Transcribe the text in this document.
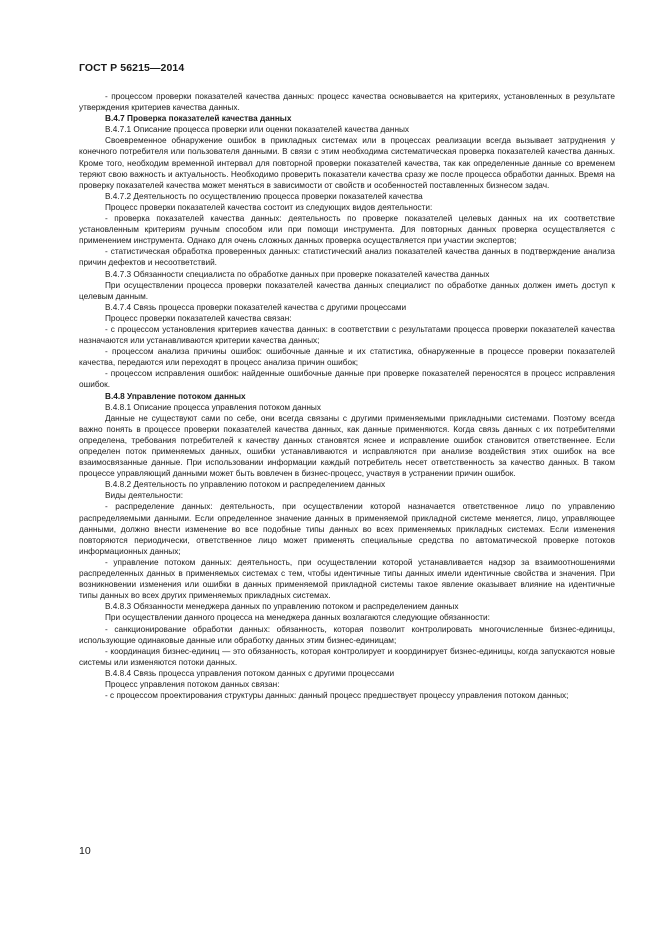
ГОСТ Р 56215—2014

- процессом проверки показателей качества данных: процесс качества основывается на критериях, установленных в результате утверждения критериев качества данных.

В.4.7 Проверка показателей качества данных

В.4.7.1 Описание процесса проверки или оценки показателей качества данных

Своевременное обнаружение ошибок в прикладных системах или в процессах реализации всегда вызывает затруднения у конечного потребителя или пользователя данными. В связи с этим необходима систематическая проверка показателей качества данных. Кроме того, необходим временной интервал для повторной проверки показателей качества, так как определенные данные со временем теряют свою важность и актуальность. Необходимо проверить показатели качества сразу же после процесса обработки данных. Время на проверку показателей качества может меняться в зависимости от свойств и особенностей поставленных бизнесом задач.

В.4.7.2 Деятельность по осуществлению процесса проверки показателей качества

Процесс проверки показателей качества состоит из следующих видов деятельности:

- проверка показателей качества данных: деятельность по проверке показателей целевых данных на их соответствие установленным критериям ручным способом или при помощи инструмента. Для повторных данных проверка осуществляется с применением инструмента. Однако для очень сложных данных проверка осуществляется при участии экспертов;

- статистическая обработка проверенных данных: статистический анализ показателей качества данных в подтверждение анализа причин дефектов и несоответствий.

В.4.7.3 Обязанности специалиста по обработке данных при проверке показателей качества данных

При осуществлении процесса проверки показателей качества данных специалист по обработке данных должен иметь доступ к целевым данным.

В.4.7.4 Связь процесса проверки показателей качества с другими процессами

Процесс проверки показателей качества связан:

- с процессом установления критериев качества данных: в соответствии с результатами процесса проверки показателей качества назначаются или устанавливаются критерии качества данных;

- процессом анализа причины ошибок: ошибочные данные и их статистика, обнаруженные в процессе проверки показателей качества, передаются или переходят в процесс анализа причин ошибок;

- процессом исправления ошибок: найденные ошибочные данные при проверке показателей переносятся в процесс исправления ошибок.

В.4.8 Управление потоком данных

В.4.8.1 Описание процесса управления потоком данных

Данные не существуют сами по себе, они всегда связаны с другими применяемыми прикладными системами. Поэтому всегда важно понять в процессе проверки показателей качества данных, как данные применяются. Когда связь данных с их потребителями определена, требования потребителей к качеству данных становятся яснее и исправление ошибок становится ответственнее. Если определен поток применяемых данных, ошибки устанавливаются и исправляются при анализе воздействия этих ошибок на все взаимосвязанные данные. При использовании информации каждый потребитель несет ответственность за качество данных. В таком процессе управляющий данными может быть вовлечен в бизнес-процесс, участвуя в устранении причин ошибок.

В.4.8.2 Деятельность по управлению потоком и распределением данных

Виды деятельности:

- распределение данных: деятельность, при осуществлении которой назначается ответственное лицо по управлению распределяемыми данными. Если определенное значение данных в применяемой прикладной системе меняется, лицо, управляющее данными, должно внести изменение во все подобные типы данных во всех применяемых прикладных системах. Если изменения повторяются периодически, ответственное лицо может применять специальные средства по автоматической проверке потоков информационных данных;

- управление потоком данных: деятельность, при осуществлении которой устанавливается надзор за взаимоотношениями распределенных данных в применяемых системах с тем, чтобы идентичные типы данных имели идентичные свойства и значения. При возникновении изменения или ошибки в данных применяемой прикладной системы такое явление оказывает влияние на идентичные типы данных во всех других применяемых прикладных системах.

В.4.8.3 Обязанности менеджера данных по управлению потоком и распределением данных

При осуществлении данного процесса на менеджера данных возлагаются следующие обязанности:

- санкционирование обработки данных: обязанность, которая позволит контролировать многочисленные бизнес-единицы, использующие одинаковые данные или обработку данных этим бизнес-единицам;

- координация бизнес-единиц — это обязанность, которая контролирует и координирует бизнес-единицы, когда запускаются новые системы или изменяются потоки данных.

В.4.8.4 Связь процесса управления потоком данных с другими процессами

Процесс управления потоком данных связан:

- с процессом проектирования структуры данных: данный процесс предшествует процессу управления потоком данных;

10
